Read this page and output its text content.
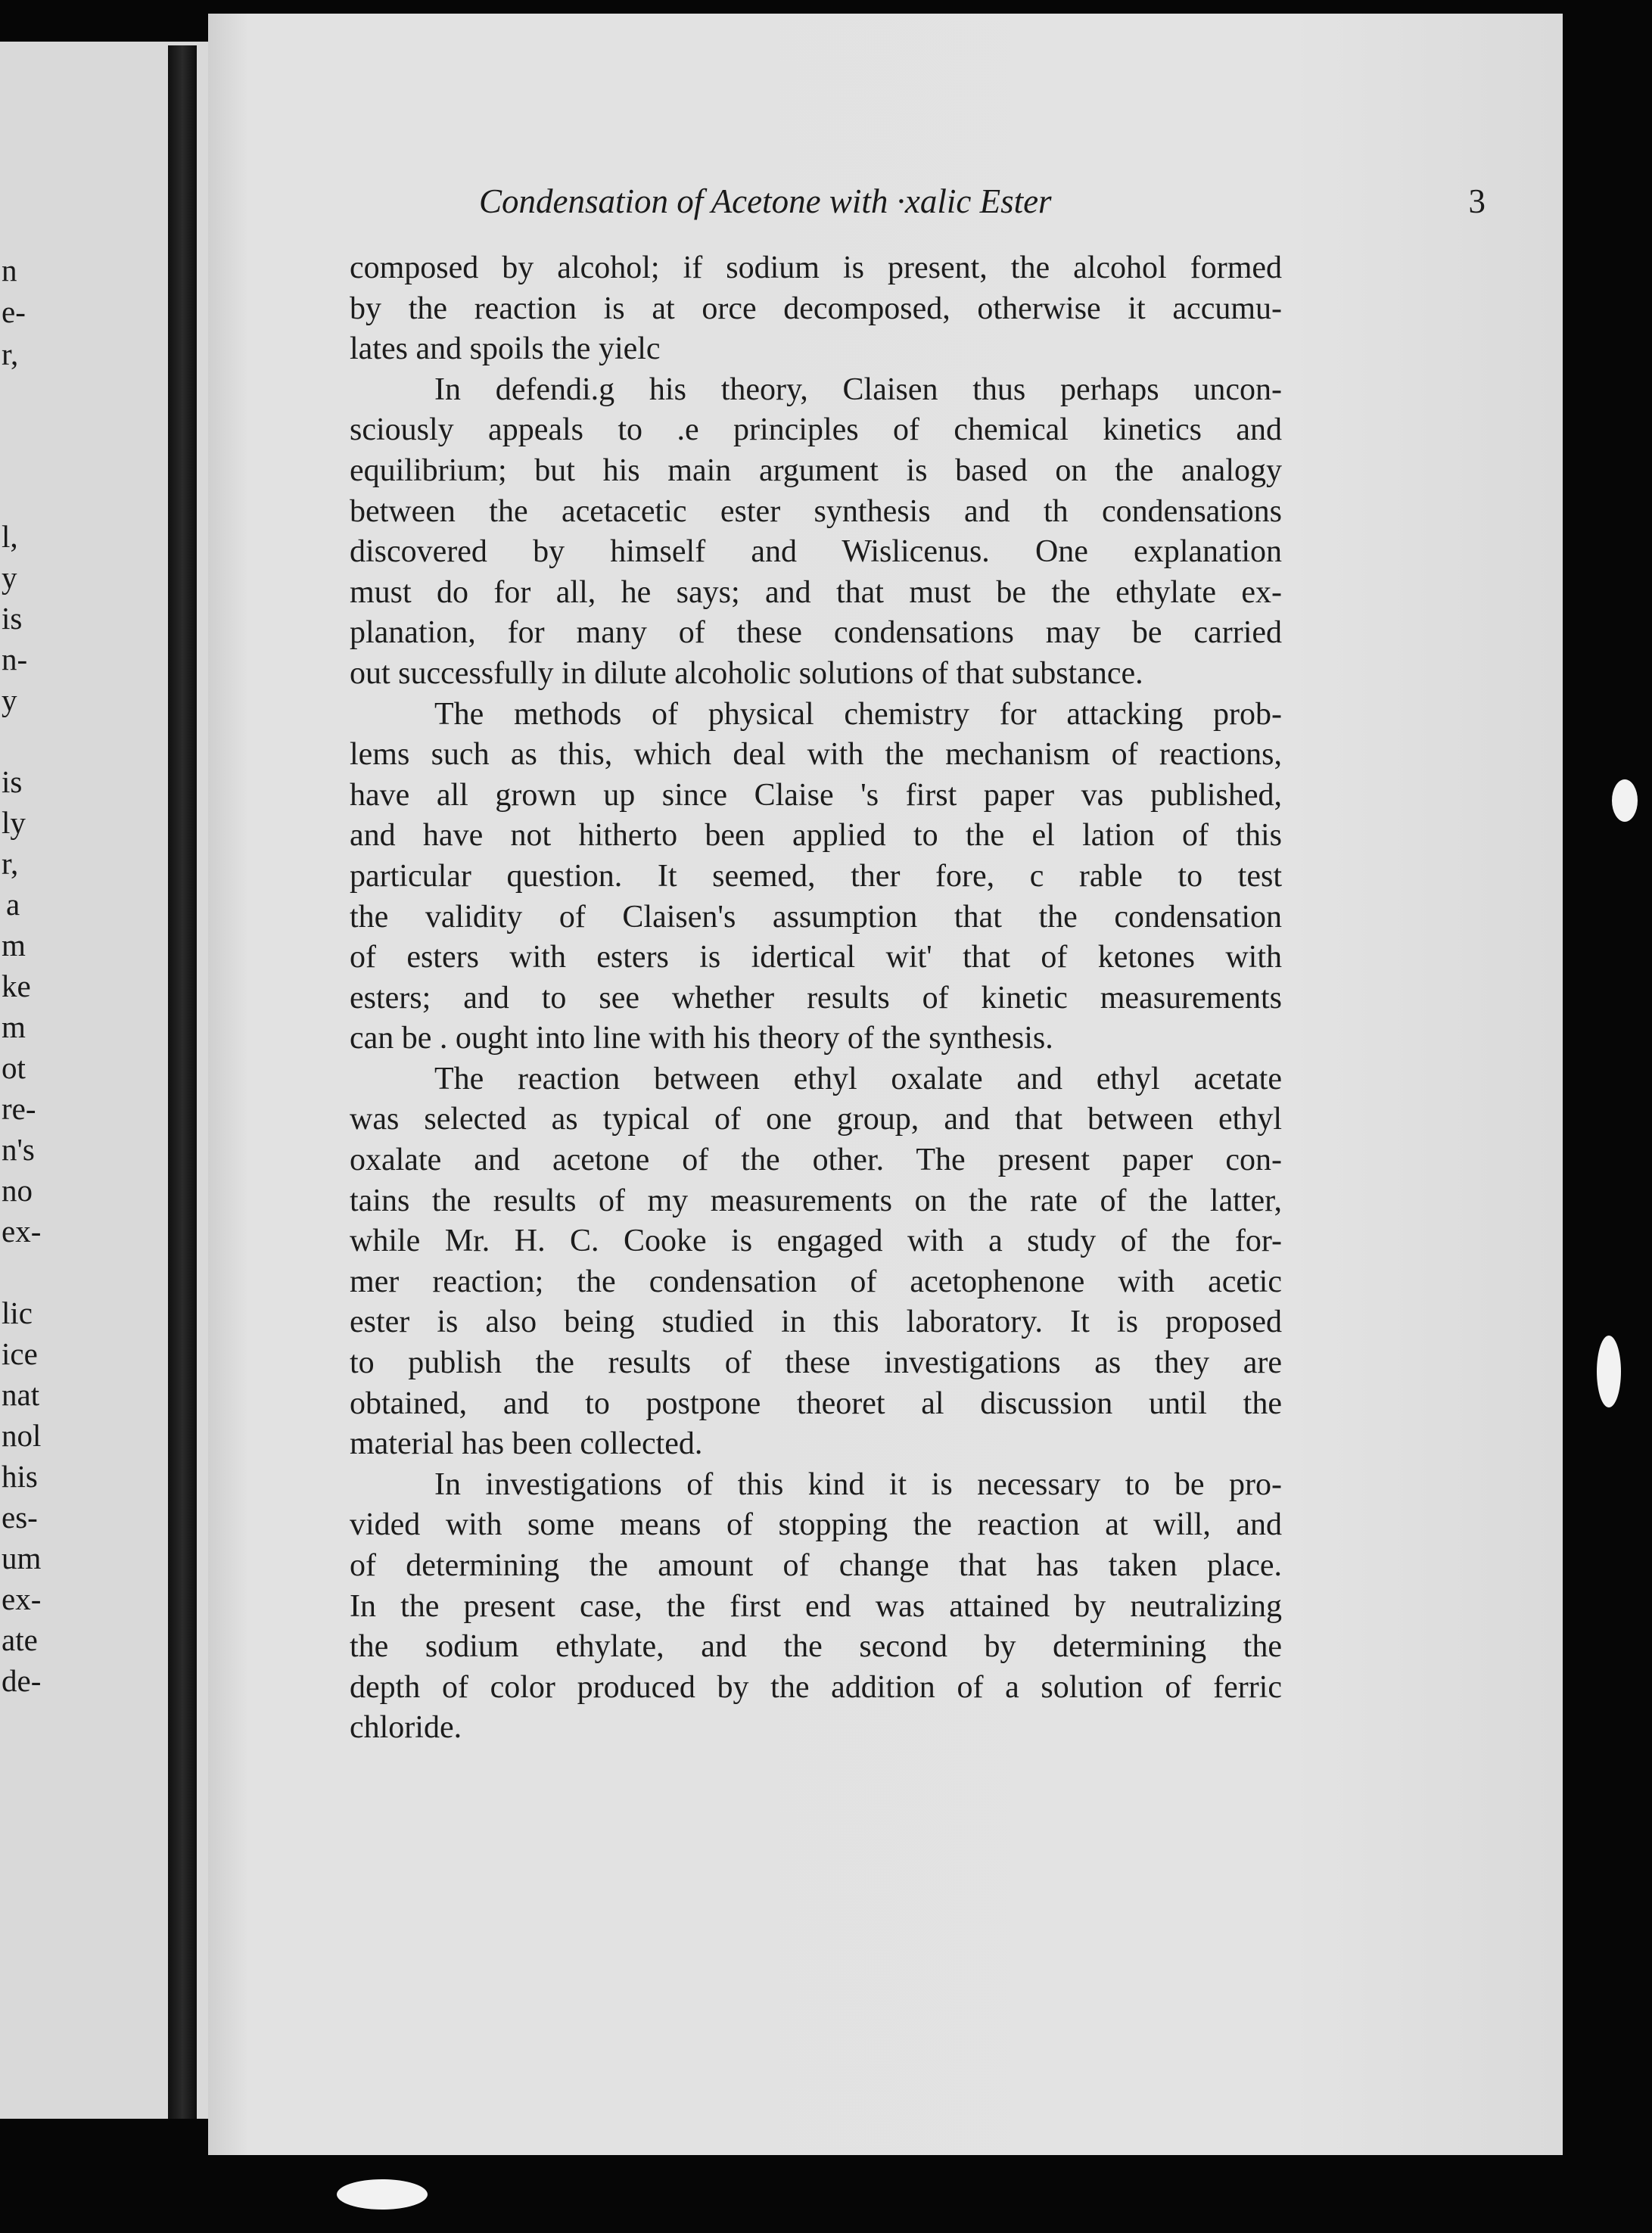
n
e-
r,
l,
y
is
n-
y
is
ly
r,
a
m
ke
m
ot
re-
n's
no
ex-
lic
ice
nat
nol
his
es-
um
ex-
ate
de-
Condensation of Acetone with ·xalic Ester	3
composed by alcohol; if sodium is present, the alcohol formed
by the reaction is at orce decomposed, otherwise it accumu-
lates and spoils the yielc
In defendi.g his theory, Claisen thus perhaps uncon-
sciously appeals to .e principles of chemical kinetics and
equilibrium; but his main argument is based on the analogy
between the acetacetic ester synthesis and th condensations
discovered by himself and Wislicenus. One explanation
must do for all, he says; and that must be the ethylate ex-
planation, for many of these condensations may be carried
out successfully in dilute alcoholic solutions of that substance.
The methods of physical chemistry for attacking prob-
lems such as this, which deal with the mechanism of reactions,
have all grown up since Claise 's first paper vas published,
and have not hitherto been applied to the el lation of this
particular question. It seemed, ther fore, c rable to test
the validity of Claisen's assumption that the condensation
of esters with esters is idertical wit' that of ketones with
esters; and to see whether results of kinetic measurements
can be . ought into line with his theory of the synthesis.
The reaction between ethyl oxalate and ethyl acetate
was selected as typical of one group, and that between ethyl
oxalate and acetone of the other. The present paper con-
tains the results of my measurements on the rate of the latter,
while Mr. H. C. Cooke is engaged with a study of the for-
mer reaction; the condensation of acetophenone with acetic
ester is also being studied in this laboratory. It is proposed
to publish the results of these investigations as they are
obtained, and to postpone theoret al discussion until the
material has been collected.
In investigations of this kind it is necessary to be pro-
vided with some means of stopping the reaction at will, and
of determining the amount of change that has taken place.
In the present case, the first end was attained by neutralizing
the sodium ethylate, and the second by determining the
depth of color produced by the addition of a solution of ferric
chloride.
